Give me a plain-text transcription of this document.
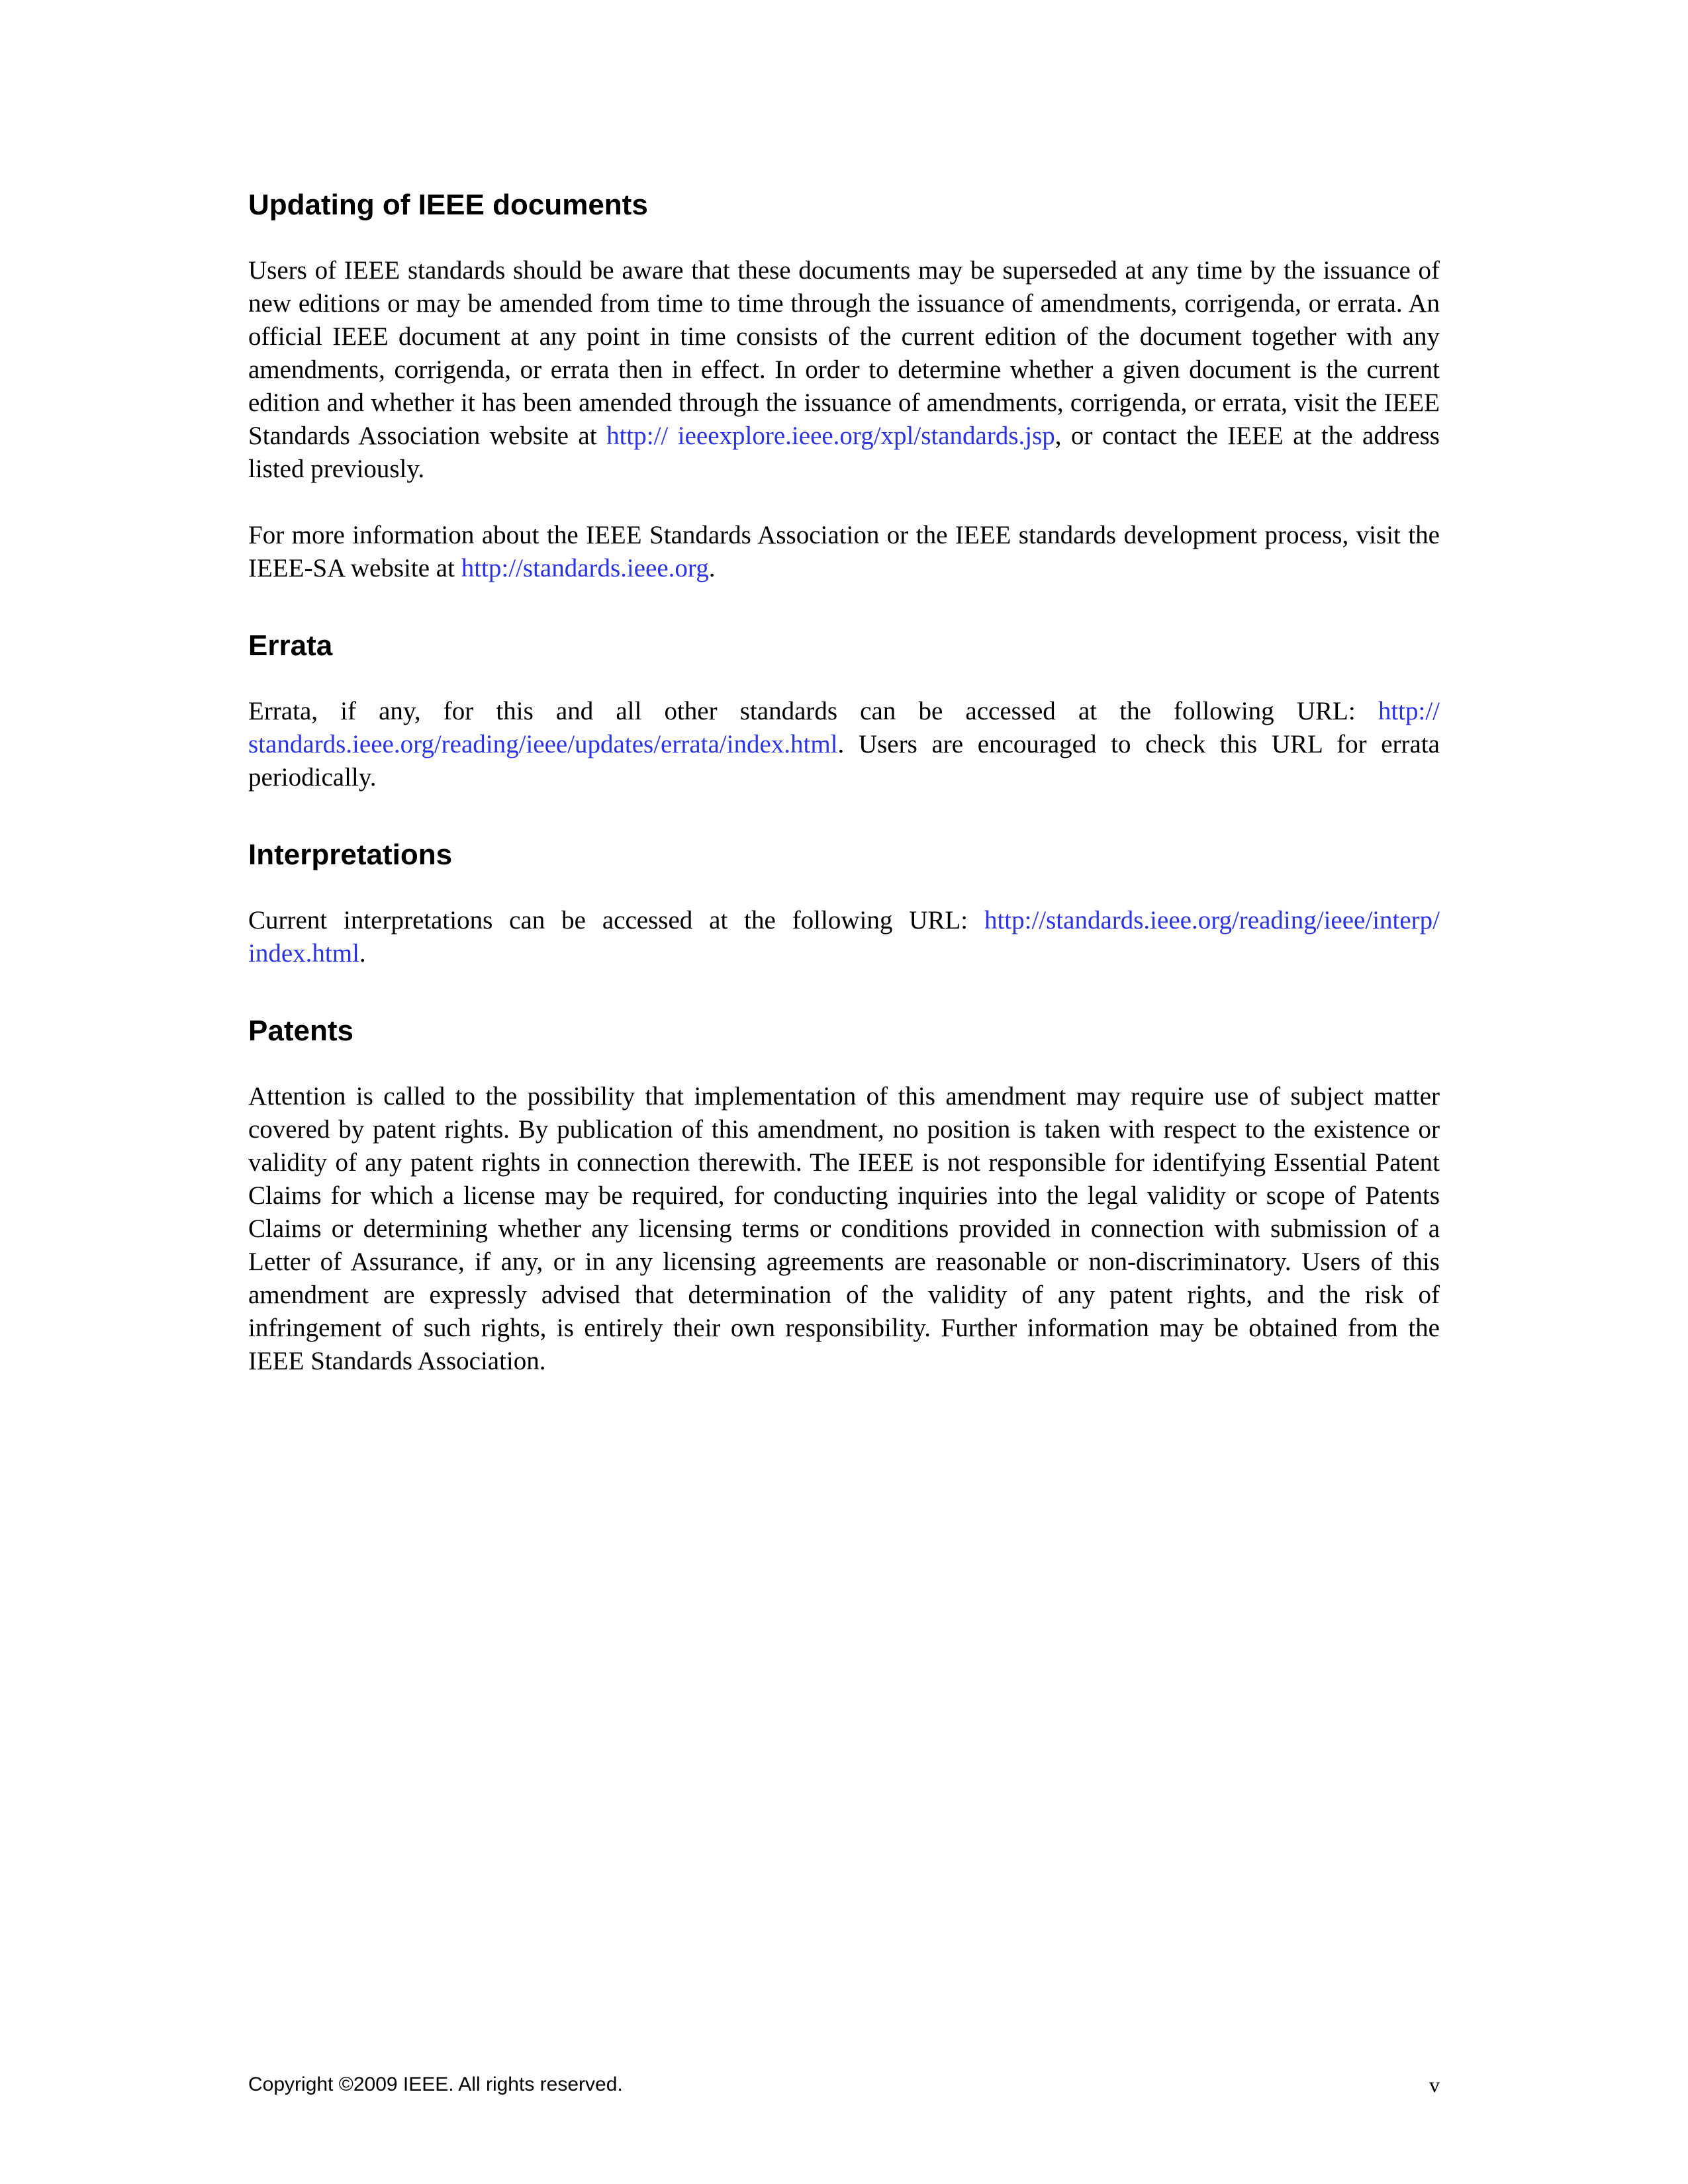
Updating of IEEE documents

Users of IEEE standards should be aware that these documents may be superseded at any time by the issuance of new editions or may be amended from time to time through the issuance of amendments, corrigenda, or errata. An official IEEE document at any point in time consists of the current edition of the document together with any amendments, corrigenda, or errata then in effect. In order to determine whether a given document is the current edition and whether it has been amended through the issuance of amendments, corrigenda, or errata, visit the IEEE Standards Association website at http:// ieeexplore.ieee.org/xpl/standards.jsp, or contact the IEEE at the address listed previously.

For more information about the IEEE Standards Association or the IEEE standards development process, visit the IEEE-SA website at http://standards.ieee.org.

Errata

Errata, if any, for this and all other standards can be accessed at the following URL: http:// standards.ieee.org/reading/ieee/updates/errata/index.html. Users are encouraged to check this URL for errata periodically.

Interpretations

Current interpretations can be accessed at the following URL: http://standards.ieee.org/reading/ieee/interp/ index.html.

Patents

Attention is called to the possibility that implementation of this amendment may require use of subject matter covered by patent rights. By publication of this amendment, no position is taken with respect to the existence or validity of any patent rights in connection therewith. The IEEE is not responsible for identifying Essential Patent Claims for which a license may be required, for conducting inquiries into the legal validity or scope of Patents Claims or determining whether any licensing terms or conditions provided in connection with submission of a Letter of Assurance, if any, or in any licensing agreements are reasonable or non-discriminatory. Users of this amendment are expressly advised that determination of the validity of any patent rights, and the risk of infringement of such rights, is entirely their own responsibility. Further information may be obtained from the IEEE Standards Association.

Copyright ©2009 IEEE. All rights reserved.	v
